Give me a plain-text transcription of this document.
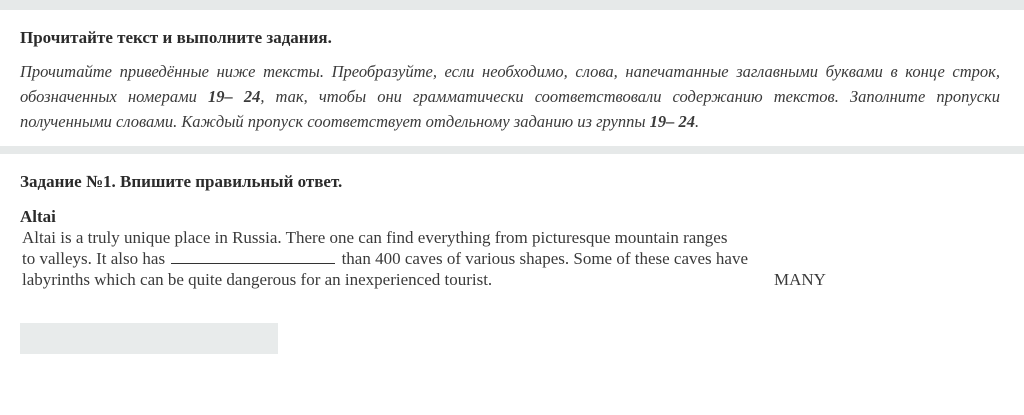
Прочитайте текст и выполните задания.

Прочитайте приведённые ниже тексты. Преобразуйте, если необходимо, слова, напечатанные заглавными буквами в конце строк, обозначенных номерами 19– 24, так, чтобы они грамматически соответствовали содержанию текстов. Заполните пропуски полученными словами. Каждый пропуск соответствует отдельному заданию из группы 19– 24.

Задание №1. Впишите правильный ответ.
Altai
Altai is a truly unique place in Russia. There one can find everything from picturesque mountain ranges
to valleys. It also has	than 400 caves of various shapes. Some of these caves have
labyrinths which can be quite dangerous for an inexperienced tourist.	MANY
